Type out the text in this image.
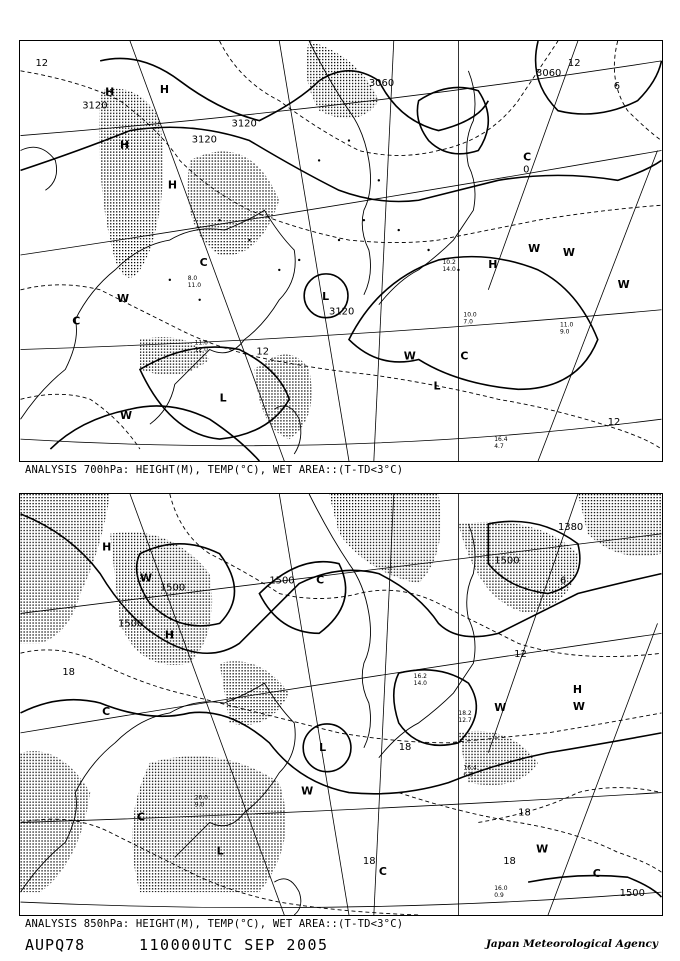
H	H
H
H
H
L
L
L
W
W
W
W W
W
C
C
C
C
3120
3120
3120
3120
3060
3060
12
12
12
12
6
0
16.4
4.7
10.0
7.0	11.0
9.0
10.2
14.0
11.0
12.0
8.0
11.0
ANALYSIS 700hPa: HEIGHT(M), TEMP(°C), WET AREA::(T-TD<3°C)
H
H
H
L
L
W
W	W
W
W
C
C
C
C	C
1500
1500
1500
1500
1500
1380
18
18
18
18
18
12
6
16.4
6.0
16.0
0.9
18.2
12.7
20.0
9.0
16.2
14.0
ANALYSIS 850hPa: HEIGHT(M), TEMP(°C), WET AREA::(T-TD<3°C)
AUPQ78	110000UTC SEP 2005	Japan Meteorological Agency
